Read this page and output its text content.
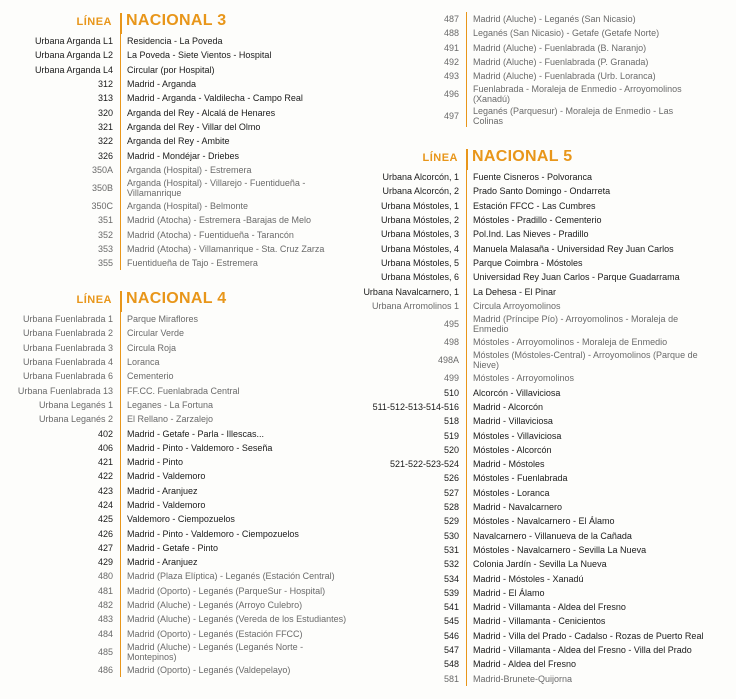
LÍNEA NACIONAL 3
Urbana Arganda L1	Residencia - La Poveda
Urbana Arganda L2	La Poveda - Siete Vientos - Hospital
Urbana Arganda L4	Circular (por Hospital)
312	Madrid - Arganda
313	Madrid - Arganda - Valdilecha - Campo Real
320	Arganda del Rey - Alcalá de Henares
321	Arganda del Rey - Villar del Olmo
322	Arganda del Rey - Ambite
326	Madrid - Mondéjar - Driebes
350A	Arganda (Hospital) - Estremera
350B	Arganda (Hospital) - Villarejo - Fuentidueña - Villamanrique
350C	Arganda (Hospital) - Belmonte
351	Madrid (Atocha) - Estremera -Barajas de Melo
352	Madrid (Atocha) - Fuentidueña - Tarancón
353	Madrid (Atocha) - Villamanrique - Sta. Cruz Zarza
355	Fuentidueña de Tajo - Estremera
LÍNEA NACIONAL 4
Urbana Fuenlabrada 1	Parque Miraflores
Urbana Fuenlabrada 2	Circular Verde
Urbana Fuenlabrada 3	Circula Roja
Urbana Fuenlabrada 4	Loranca
Urbana Fuenlabrada 6	Cementerio
Urbana Fuenlabrada 13	FF.CC. Fuenlabrada Central
Urbana Leganés 1	Leganes - La Fortuna
Urbana Leganés 2	El Rellano - Zarzalejo
402	Madrid - Getafe - Parla - Illescas...
406	Madrid - Pinto - Valdemoro - Seseña
421	Madrid - Pinto
422	Madrid - Valdemoro
423	Madrid - Aranjuez
424	Madrid - Valdemoro
425	Valdemoro - Ciempozuelos
426	Madrid - Pinto - Valdemoro - Ciempozuelos
427	Madrid - Getafe - Pinto
429	Madrid - Aranjuez
480	Madrid (Plaza Elíptica) - Leganés (Estación Central)
481	Madrid (Oporto) - Leganés (ParqueSur - Hospital)
482	Madrid (Aluche) - Leganés (Arroyo Culebro)
483	Madrid (Aluche) - Leganés (Vereda de los Estudiantes)
484	Madrid (Oporto) - Leganés (Estación FFCC)
485	Madrid (Aluche) - Leganés (Leganés Norte - Montepinos)
486	Madrid (Oporto) - Leganés (Valdepelayo)
487	Madrid (Aluche) - Leganés (San Nicasio)
488	Leganés (San Nicasio) - Getafe (Getafe Norte)
491	Madrid (Aluche) - Fuenlabrada (B. Naranjo)
492	Madrid (Aluche) - Fuenlabrada (P. Granada)
493	Madrid (Aluche) - Fuenlabrada (Urb. Loranca)
496	Fuenlabrada - Moraleja de Enmedio - Arroyomolinos (Xanadú)
497	Leganés (Parquesur) - Moraleja de Enmedio - Las Colinas
LÍNEA NACIONAL 5
Urbana Alcorcón, 1	Fuente Cisneros - Polvoranca
Urbana Alcorcón, 2	Prado Santo Domingo - Ondarreta
Urbana Móstoles, 1	Estación FFCC - Las Cumbres
Urbana Móstoles, 2	Móstoles - Pradillo - Cementerio
Urbana Móstoles, 3	Pol.Ind. Las Nieves - Pradillo
Urbana Móstoles, 4	Manuela Malasaña - Universidad Rey Juan Carlos
Urbana Móstoles, 5	Parque Coimbra - Móstoles
Urbana Móstoles, 6	Universidad Rey Juan Carlos - Parque Guadarrama
Urbana Navalcarnero, 1	La Dehesa - El Pinar
Urbana Arromolinos 1	Circula Arroyomolinos
495	Madrid (Príncipe Pío) - Arroyomolinos - Moraleja de Enmedio
498	Móstoles - Arroyomolinos - Moraleja de Enmedio
498A	Móstoles (Móstoles-Central) - Arroyomolinos (Parque de Nieve)
499	Móstoles - Arroyomolinos
510	Alcorcón - Villaviciosa
511-512-513-514-516	Madrid - Alcorcón
518	Madrid - Villaviciosa
519	Móstoles - Villaviciosa
520	Móstoles - Alcorcón
521-522-523-524	Madrid - Móstoles
526	Móstoles - Fuenlabrada
527	Móstoles - Loranca
528	Madrid - Navalcarnero
529	Móstoles - Navalcarnero - El Álamo
530	Navalcarnero - Villanueva de la Cañada
531	Móstoles - Navalcarnero - Sevilla La Nueva
532	Colonia Jardín - Sevilla La Nueva
534	Madrid - Móstoles - Xanadú
539	Madrid - El Álamo
541	Madrid - Villamanta - Aldea del Fresno
545	Madrid - Villamanta - Cenicientos
546	Madrid - Villa del Prado - Cadalso - Rozas de Puerto Real
547	Madrid - Villamanta - Aldea del Fresno - Villa del Prado
548	Madrid - Aldea del Fresno
581	Madrid-Brunete-Quijorna
